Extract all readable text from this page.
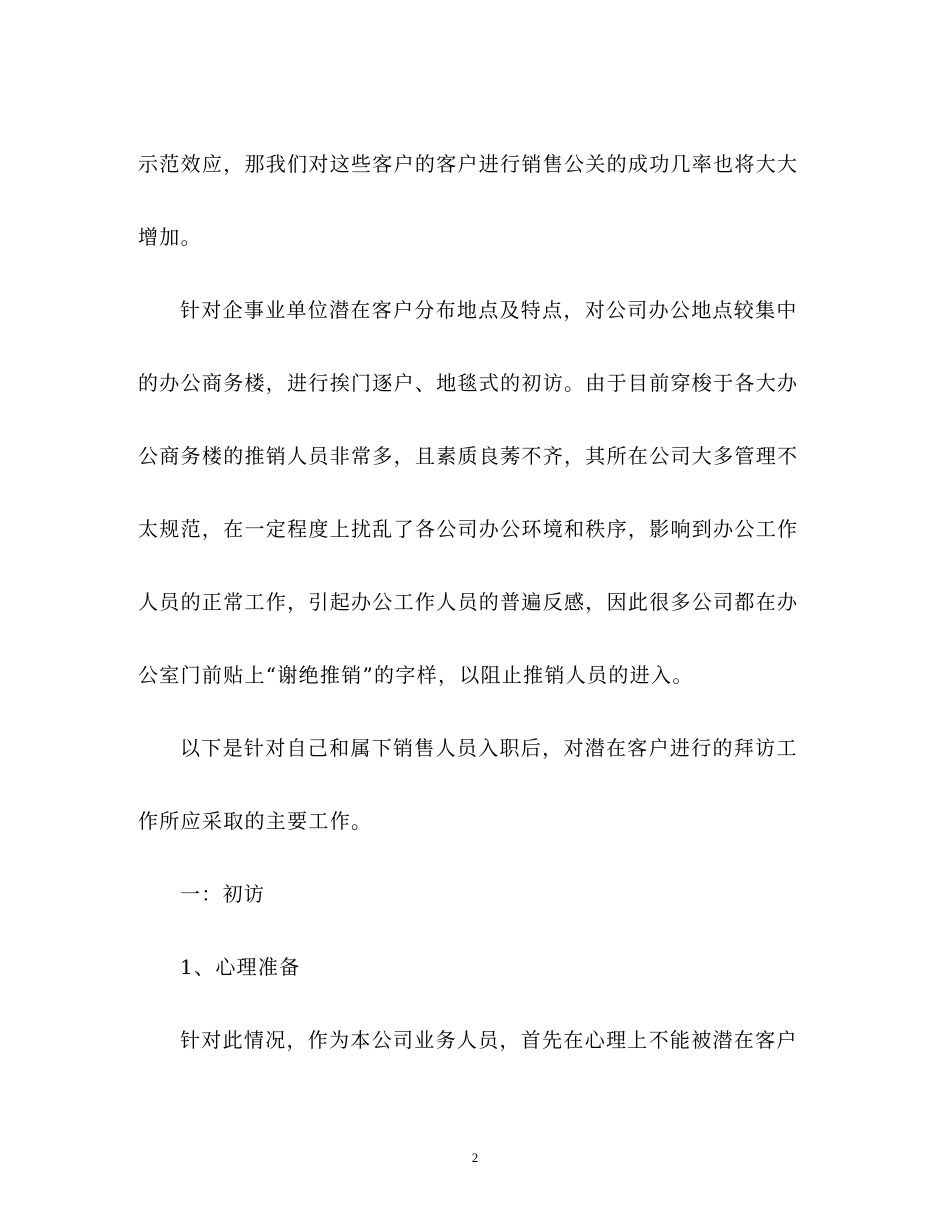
示范效应，那我们对这些客户的客户进行销售公关的成功几率也将大大
增加。
针对企事业单位潜在客户分布地点及特点，对公司办公地点较集中
的办公商务楼，进行挨门逐户、地毯式的初访。由于目前穿梭于各大办
公商务楼的推销人员非常多，且素质良莠不齐，其所在公司大多管理不
太规范，在一定程度上扰乱了各公司办公环境和秩序，影响到办公工作
人员的正常工作，引起办公工作人员的普遍反感，因此很多公司都在办
公室门前贴上“谢绝推销”的字样，以阻止推销人员的进入。
以下是针对自己和属下销售人员入职后，对潜在客户进行的拜访工
作所应采取的主要工作。
一：初访
1、心理准备
针对此情况，作为本公司业务人员，首先在心理上不能被潜在客户
2
